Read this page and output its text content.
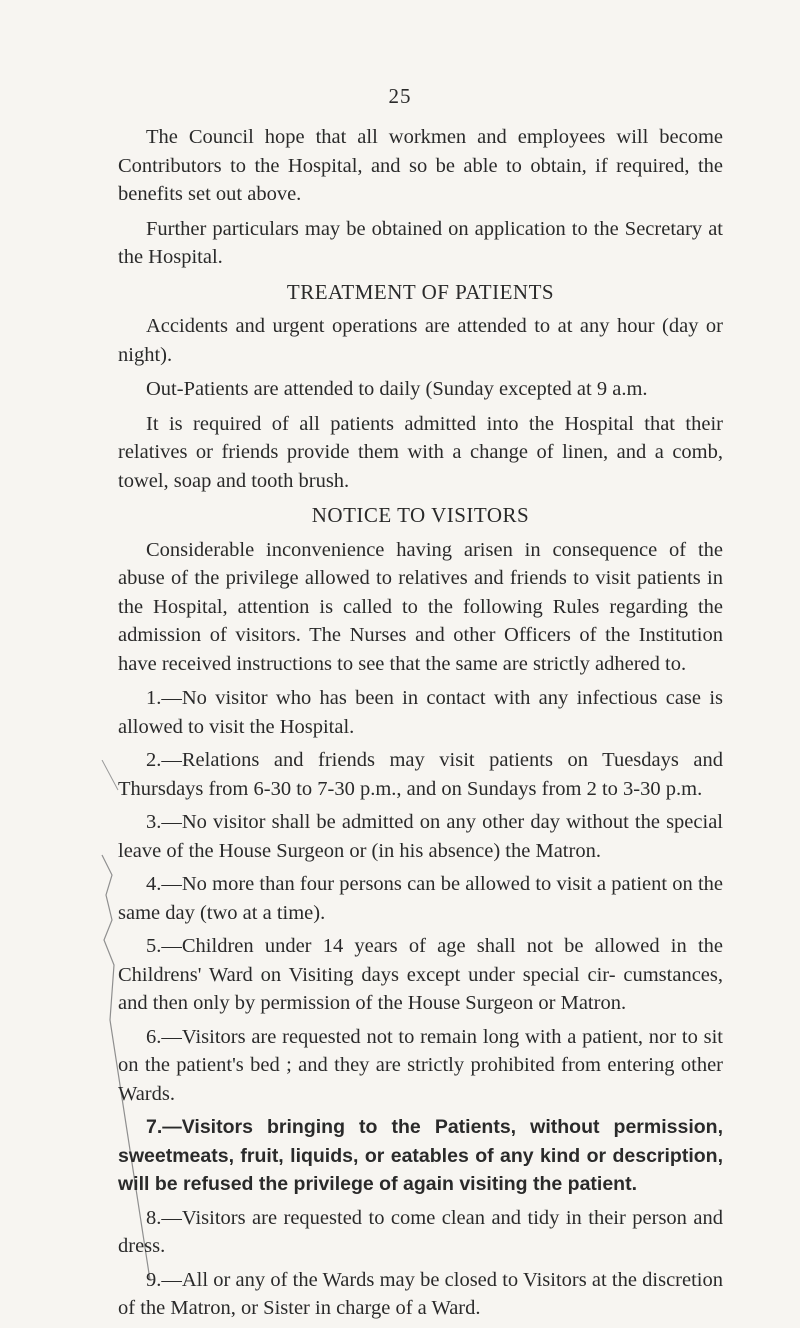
25

The Council hope that all workmen and employees will become Contributors to the Hospital, and so be able to obtain, if required, the benefits set out above.

Further particulars may be obtained on application to the Secretary at the Hospital.

TREATMENT OF PATIENTS

Accidents and urgent operations are attended to at any hour (day or night).

Out-Patients are attended to daily (Sunday excepted at 9 a.m.

It is required of all patients admitted into the Hospital that their relatives or friends provide them with a change of linen, and a comb, towel, soap and tooth brush.

NOTICE TO VISITORS

Considerable inconvenience having arisen in consequence of the abuse of the privilege allowed to relatives and friends to visit patients in the Hospital, attention is called to the following Rules regarding the admission of visitors. The Nurses and other Officers of the Institution have received instructions to see that the same are strictly adhered to.

1.—No visitor who has been in contact with any infectious case is allowed to visit the Hospital.

2.—Relations and friends may visit patients on Tuesdays and Thursdays from 6-30 to 7-30 p.m., and on Sundays from 2 to 3-30 p.m.

3.—No visitor shall be admitted on any other day without the special leave of the House Surgeon or (in his absence) the Matron.

4.—No more than four persons can be allowed to visit a patient on the same day (two at a time).

5.—Children under 14 years of age shall not be allowed in the Childrens' Ward on Visiting days except under special cir- cumstances, and then only by permission of the House Surgeon or Matron.

6.—Visitors are requested not to remain long with a patient, nor to sit on the patient's bed ; and they are strictly prohibited from entering other Wards.

7.—Visitors bringing to the Patients, without permission, sweetmeats, fruit, liquids, or eatables of any kind or description, will be refused the privilege of again visiting the patient.

8.—Visitors are requested to come clean and tidy in their person and dress.

9.—All or any of the Wards may be closed to Visitors at the discretion of the Matron, or Sister in charge of a Ward.
